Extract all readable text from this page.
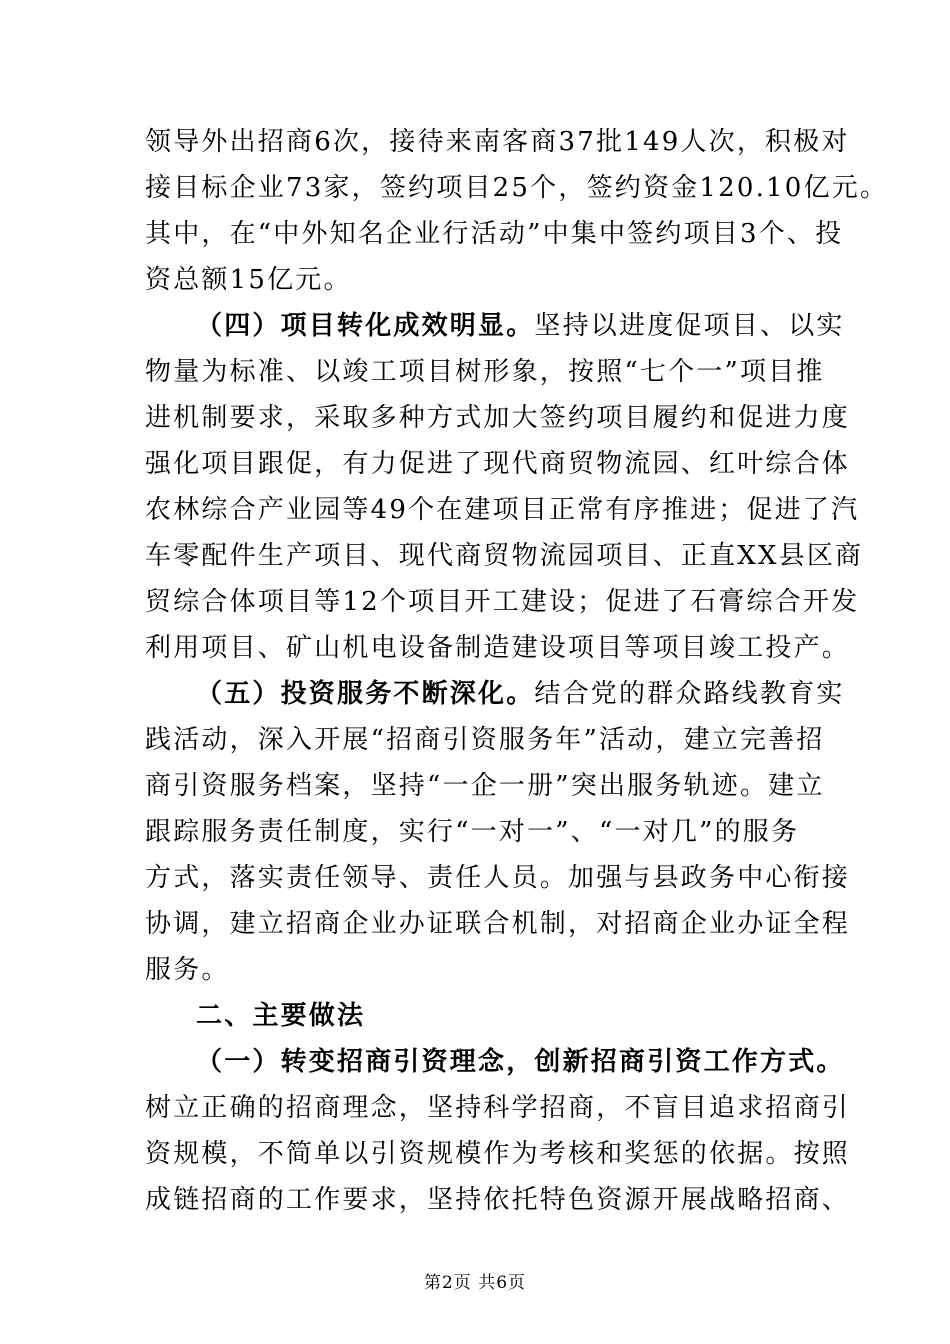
领导外出招商6次，接待来南客商37批149人次，积极对
接目标企业73家，签约项目25个，签约资金120.10亿元。
其中，在“中外知名企业行活动”中集中签约项目3个、投
资总额15亿元。
（四）项目转化成效明显。坚持以进度促项目、以实
物量为标准、以竣工项目树形象，按照“七个一”项目推
进机制要求，采取多种方式加大签约项目履约和促进力度
强化项目跟促，有力促进了现代商贸物流园、红叶综合体
农林综合产业园等49个在建项目正常有序推进；促进了汽
车零配件生产项目、现代商贸物流园项目、正直XX县区商
贸综合体项目等12个项目开工建设；促进了石膏综合开发
利用项目、矿山机电设备制造建设项目等项目竣工投产。
（五）投资服务不断深化。结合党的群众路线教育实
践活动，深入开展“招商引资服务年”活动，建立完善招
商引资服务档案，坚持“一企一册”突出服务轨迹。建立
跟踪服务责任制度，实行“一对一”、“一对几”的服务
方式，落实责任领导、责任人员。加强与县政务中心衔接
协调，建立招商企业办证联合机制，对招商企业办证全程
服务。
二、主要做法
（一）转变招商引资理念，创新招商引资工作方式。
树立正确的招商理念，坚持科学招商，不盲目追求招商引
资规模，不简单以引资规模作为考核和奖惩的依据。按照
成链招商的工作要求，坚持依托特色资源开展战略招商、
第2页 共6页
